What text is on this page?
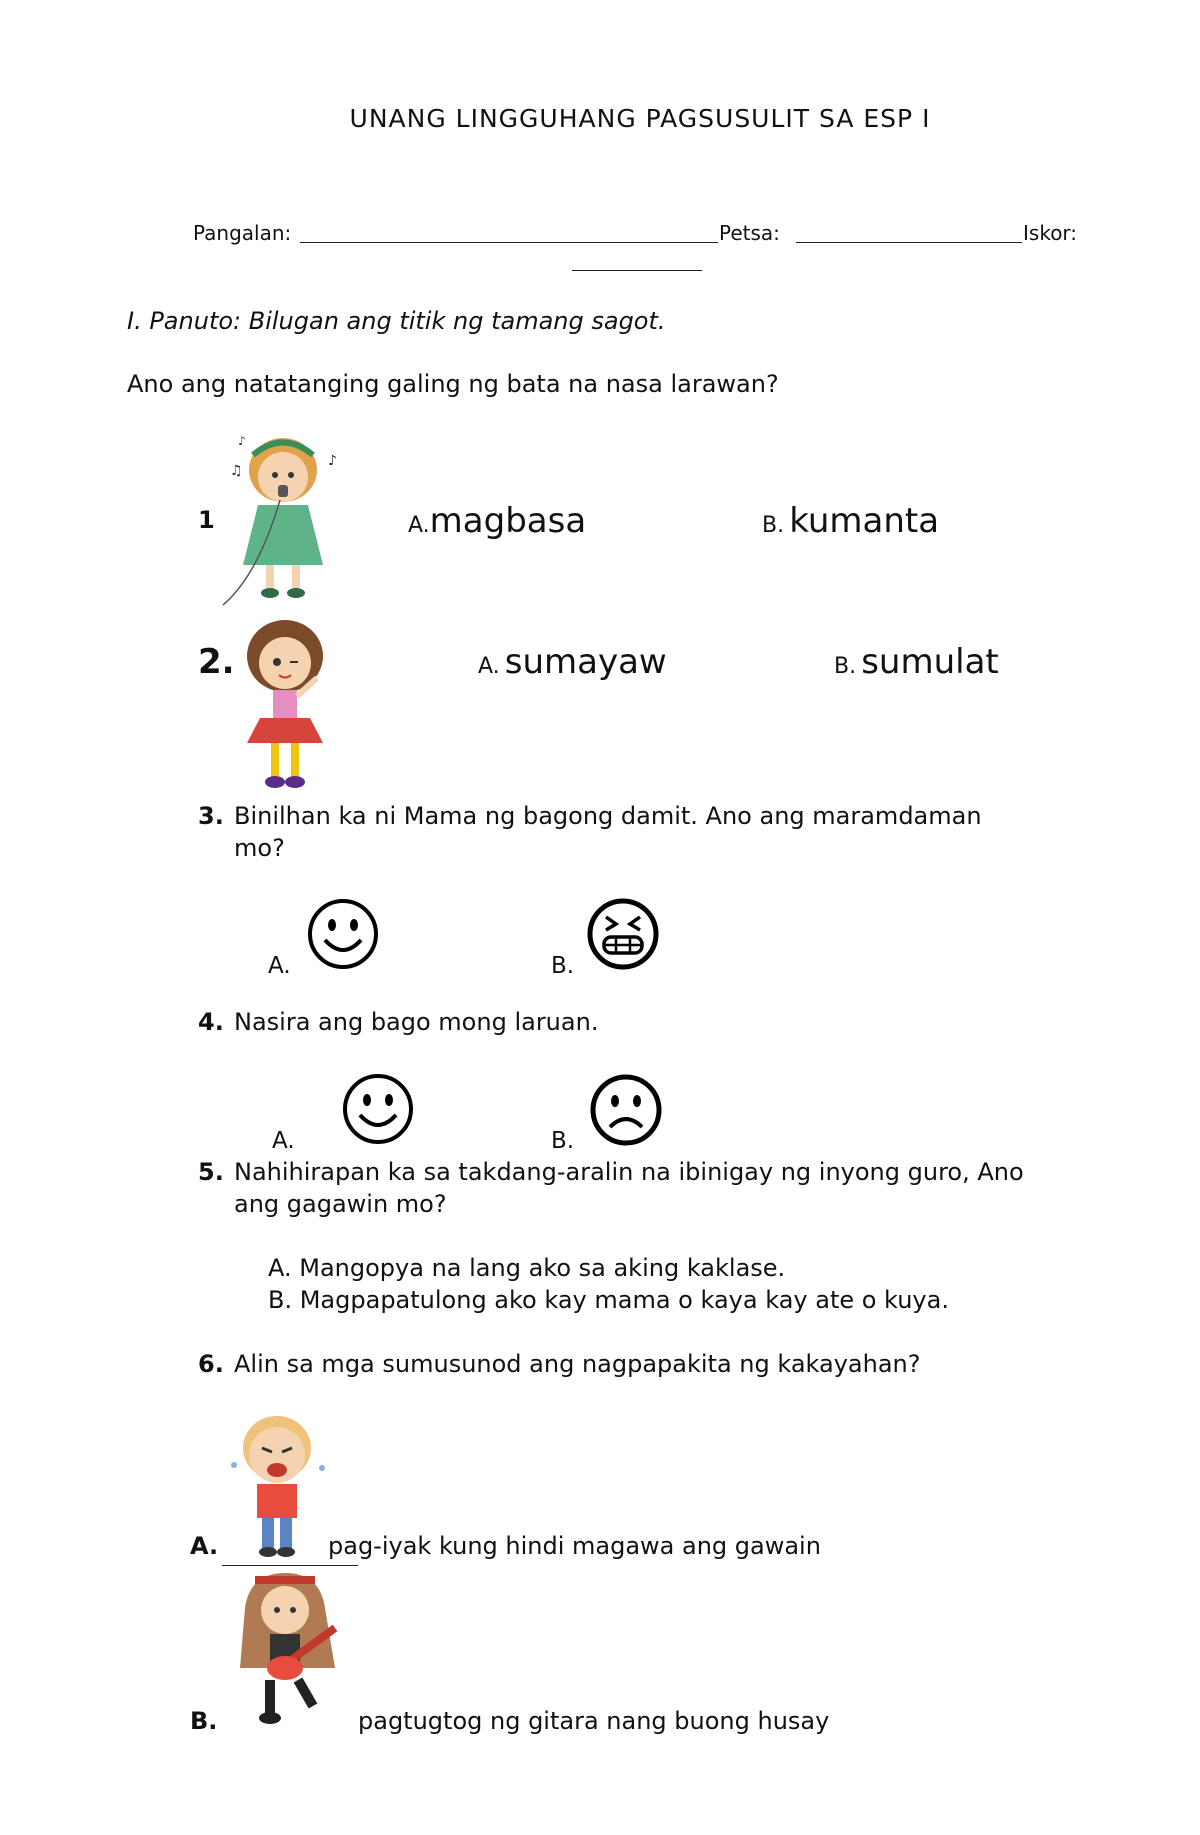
UNANG LINGGUHANG PAGSUSULIT SA ESP I
Pangalan:	Petsa:	Iskor:
I. Panuto: Bilugan ang titik ng tamang sagot.
Ano ang natatanging galing ng bata na nasa larawan?
1
♫
♪
♪
A.magbasa	B. kumanta
2.	A. sumayaw	B. sumulat
3. Binilhan ka ni Mama ng bagong damit. Ano ang maramdaman
mo?
A.	B.
4. Nasira ang bago mong laruan.
A.	B.
5. Nahihirapan ka sa takdang-aralin na ibinigay ng inyong guro, Ano
ang gagawin mo?
A. Mangopya na lang ako sa aking kaklase.
B. Magpapatulong ako kay mama o kaya kay ate o kuya.
6. Alin sa mga sumusunod ang nagpapakita ng kakayahan?
A.	pag-iyak kung hindi magawa ang gawain
B.	pagtugtog ng gitara nang buong husay
